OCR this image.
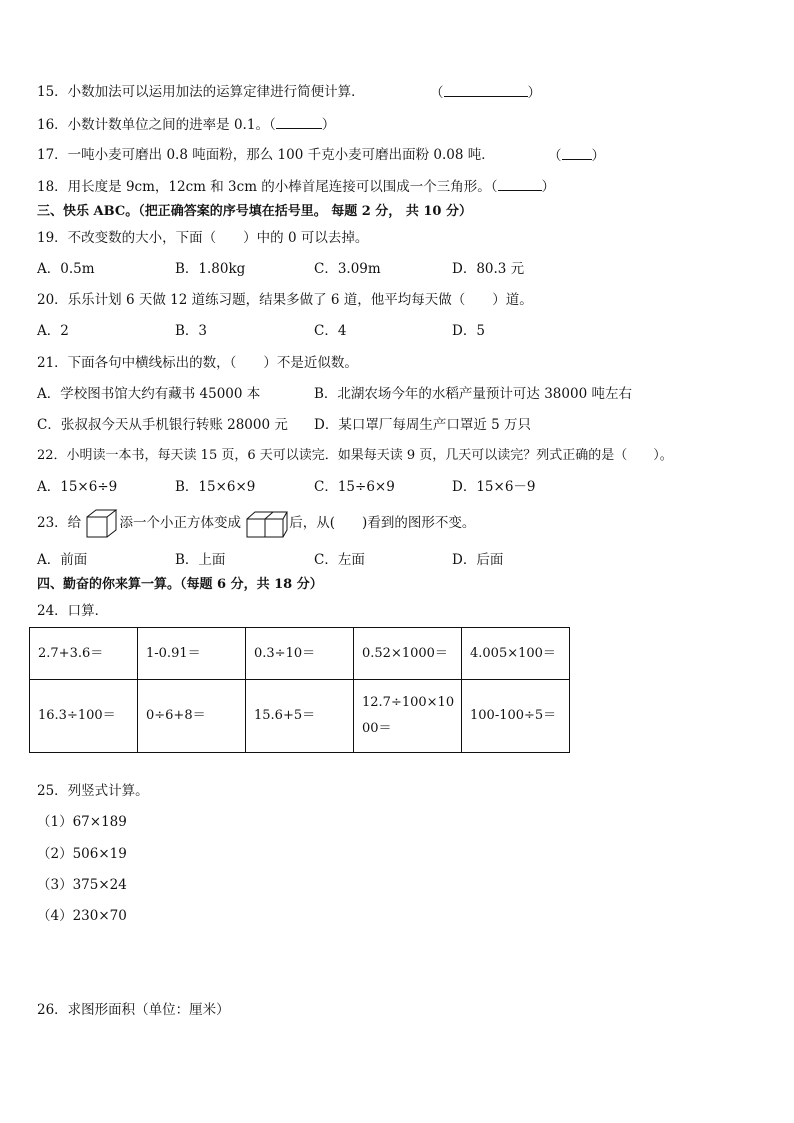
15．小数加法可以运用加法的运算定律进行简便计算．	（	）
16．小数计数单位之间的进率是 0.1。（	）
17．一吨小麦可磨出 0.8 吨面粉，那么 100 千克小麦可磨出面粉 0.08 吨．	（ ）
18．用长度是 9cm，12cm 和 3cm 的小棒首尾连接可以围成一个三角形。（	）
三、快乐 ABC。（把正确答案的序号填在括号里。 每题 2 分， 共 10 分）
19．不改变数的大小，下面（　　）中的 0 可以去掉。
A．0.5m	B．1.80kg	C．3.09m	D．80.3 元
20．乐乐计划 6 天做 12 道练习题，结果多做了 6 道，他平均每天做（　　）道。
A．2	B．3	C．4	D．5
21．下面各句中横线标出的数，（　　）不是近似数。
A．学校图书馆大约有藏书 45000 本	B．北湖农场今年的水稻产量预计可达 38000 吨左右
C．张叔叔今天从手机银行转账 28000 元 D．某口罩厂每周生产口罩近 5 万只
22．小明读一本书，每天读 15 页，6 天可以读完．如果每天读 9 页，几天可以读完？列式正确的是（　　）。
A．15×6÷9	B．15×6×9	C．15÷6×9	D．15×6－9
23．给	添一个小正方体变成	后，从(　　)看到的图形不变。
A．前面	B．上面	C．左面	D．后面
四、勤奋的你来算一算。（每题 6 分，共 18 分）
24．口算．
2.7+3.6＝	1-0.91＝	0.3÷10＝	0.52×1000＝	4.005×100＝
16.3÷100＝	0÷6+8＝	15.6+5＝	12.7÷100×1000＝	100-100÷5＝
25．列竖式计算。
（1）67×189
（2）506×19
（3）375×24
（4）230×70
26．求图形面积（单位：厘米）
